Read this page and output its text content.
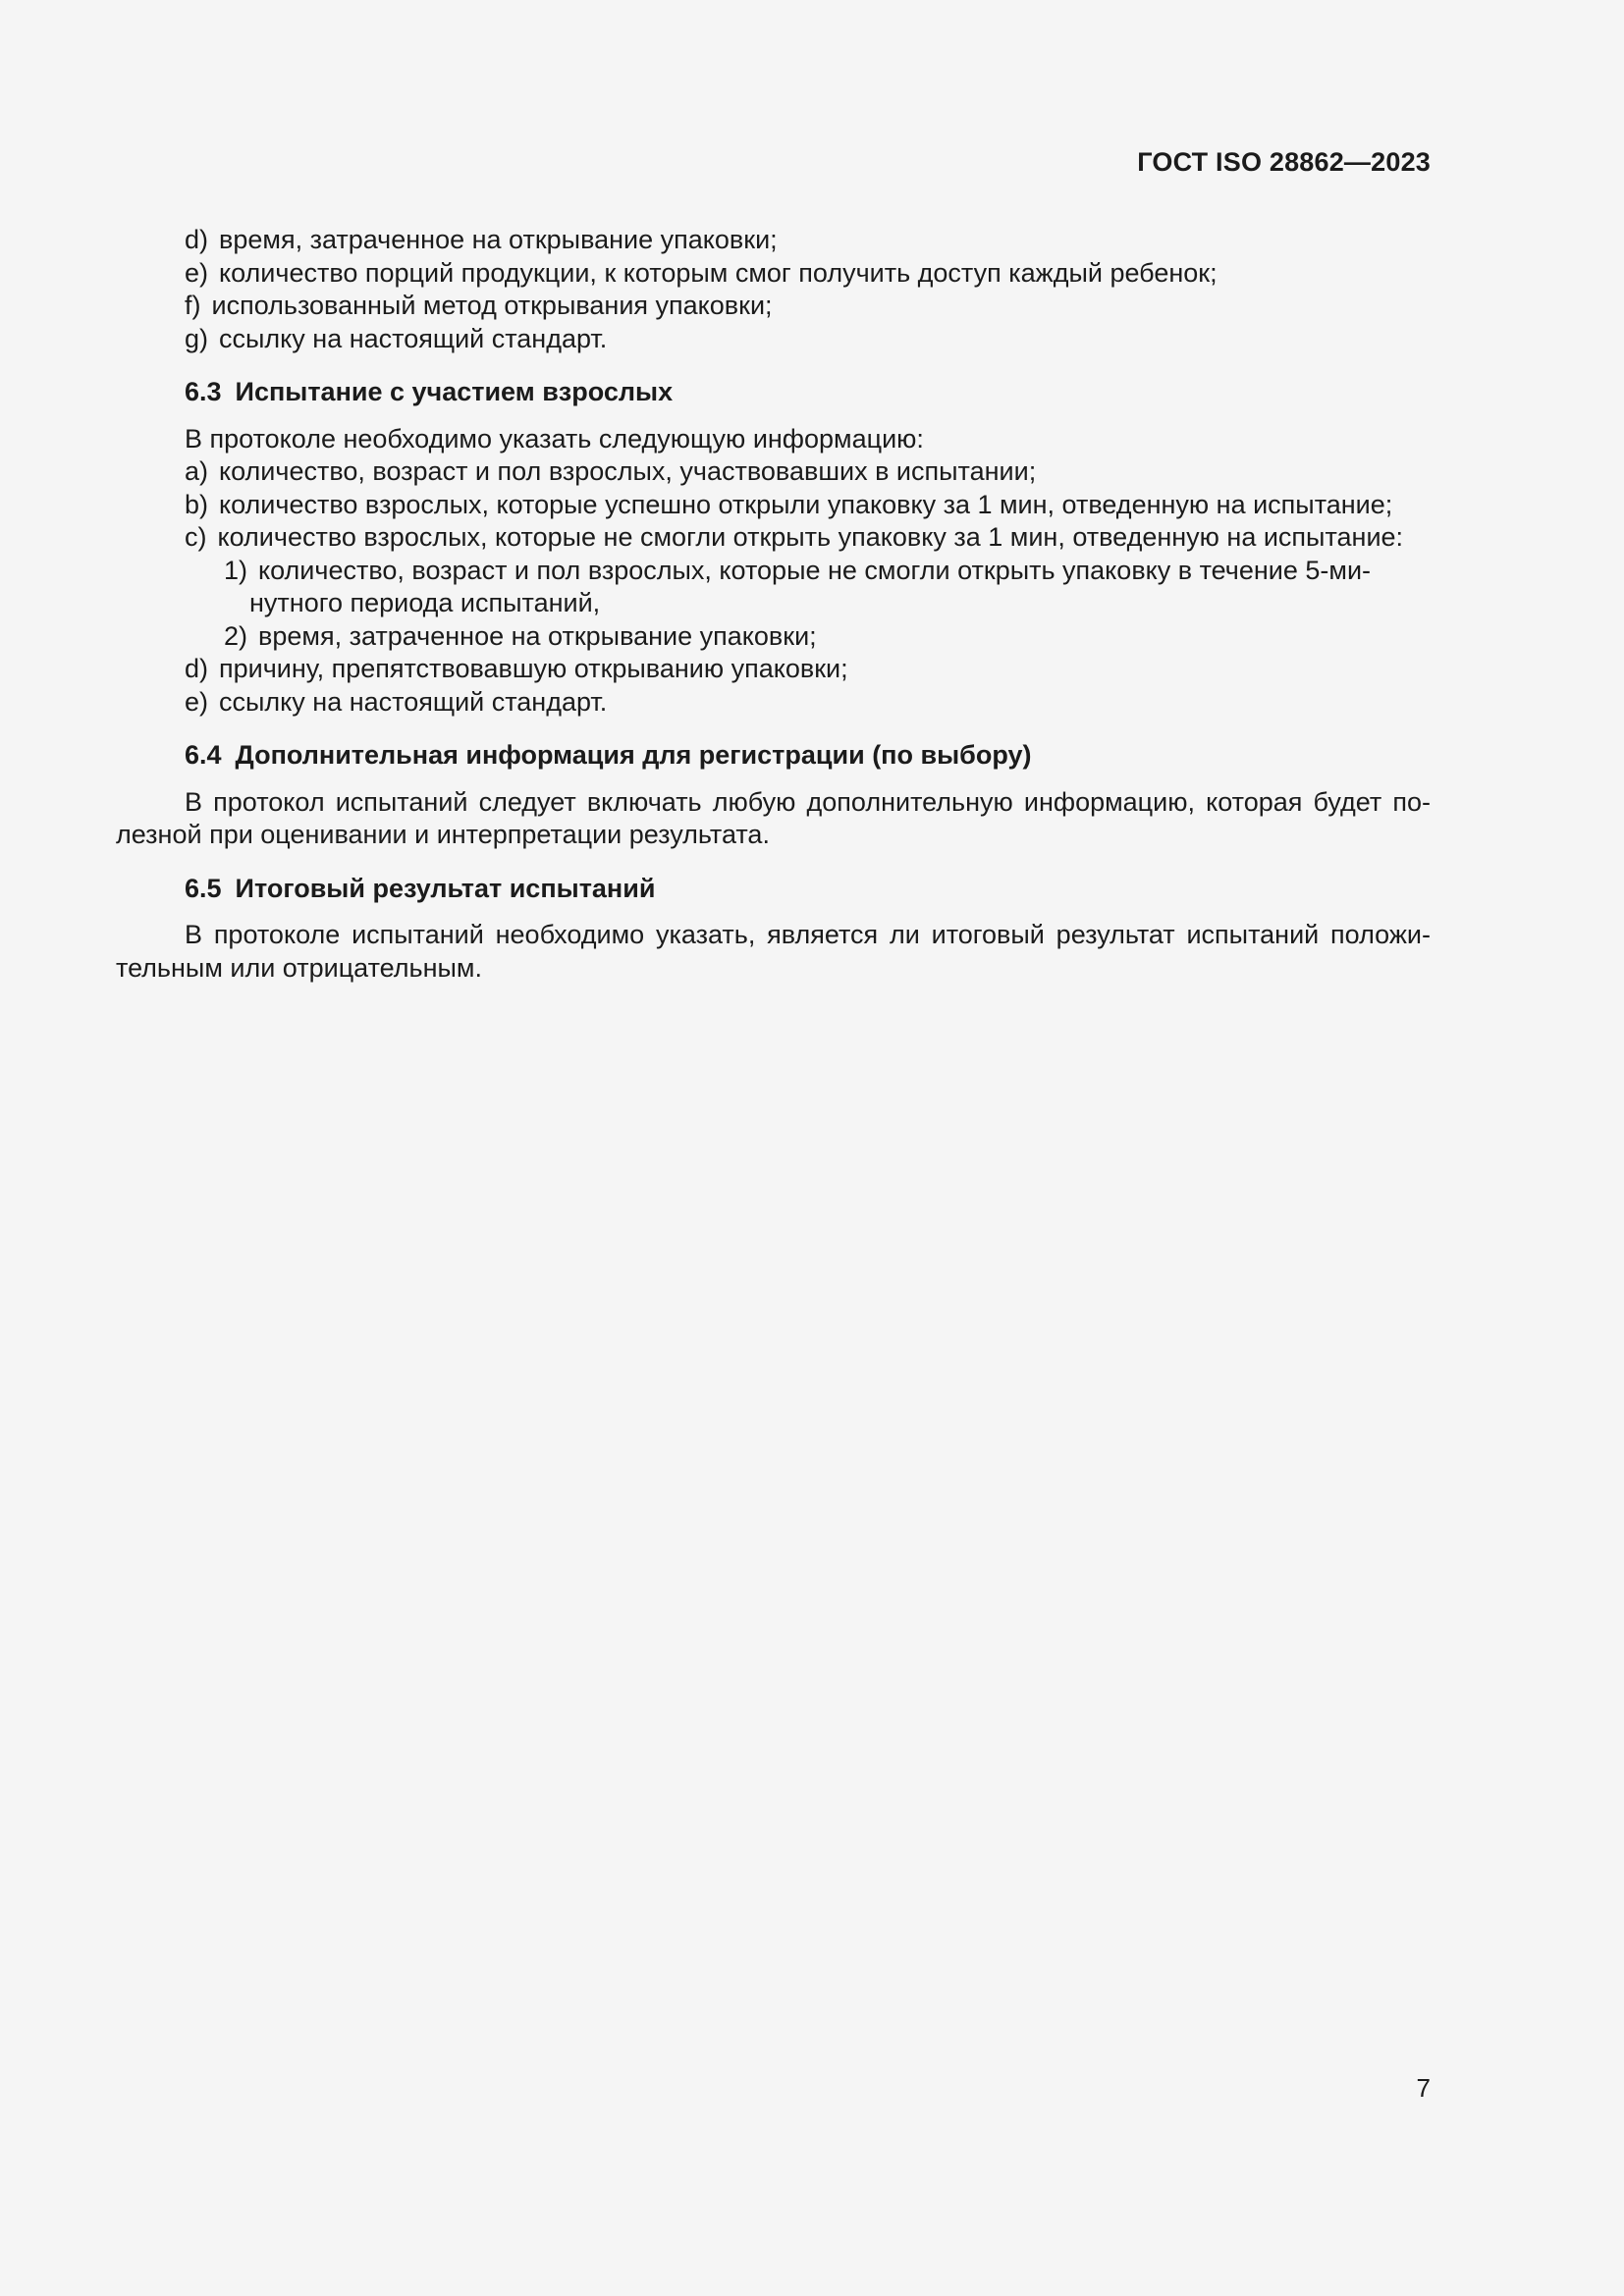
ГОСТ ISO 28862—2023
d) время, затраченное на открывание упаковки;
e) количество порций продукции, к которым смог получить доступ каждый ребенок;
f) использованный метод открывания упаковки;
g) ссылку на настоящий стандарт.
6.3 Испытание с участием взрослых
В протоколе необходимо указать следующую информацию:
a) количество, возраст и пол взрослых, участвовавших в испытании;
b) количество взрослых, которые успешно открыли упаковку за 1 мин, отведенную на испытание;
c) количество взрослых, которые не смогли открыть упаковку за 1 мин, отведенную на испытание:
1) количество, возраст и пол взрослых, которые не смогли открыть упаковку в течение 5-ми-
нутного периода испытаний,
2) время, затраченное на открывание упаковки;
d) причину, препятствовавшую открыванию упаковки;
e) ссылку на настоящий стандарт.
6.4 Дополнительная информация для регистрации (по выбору)
В протокол испытаний следует включать любую дополнительную информацию, которая будет по-лезной при оценивании и интерпретации результата.
6.5 Итоговый результат испытаний
В протоколе испытаний необходимо указать, является ли итоговый результат испытаний положи-тельным или отрицательным.
7
